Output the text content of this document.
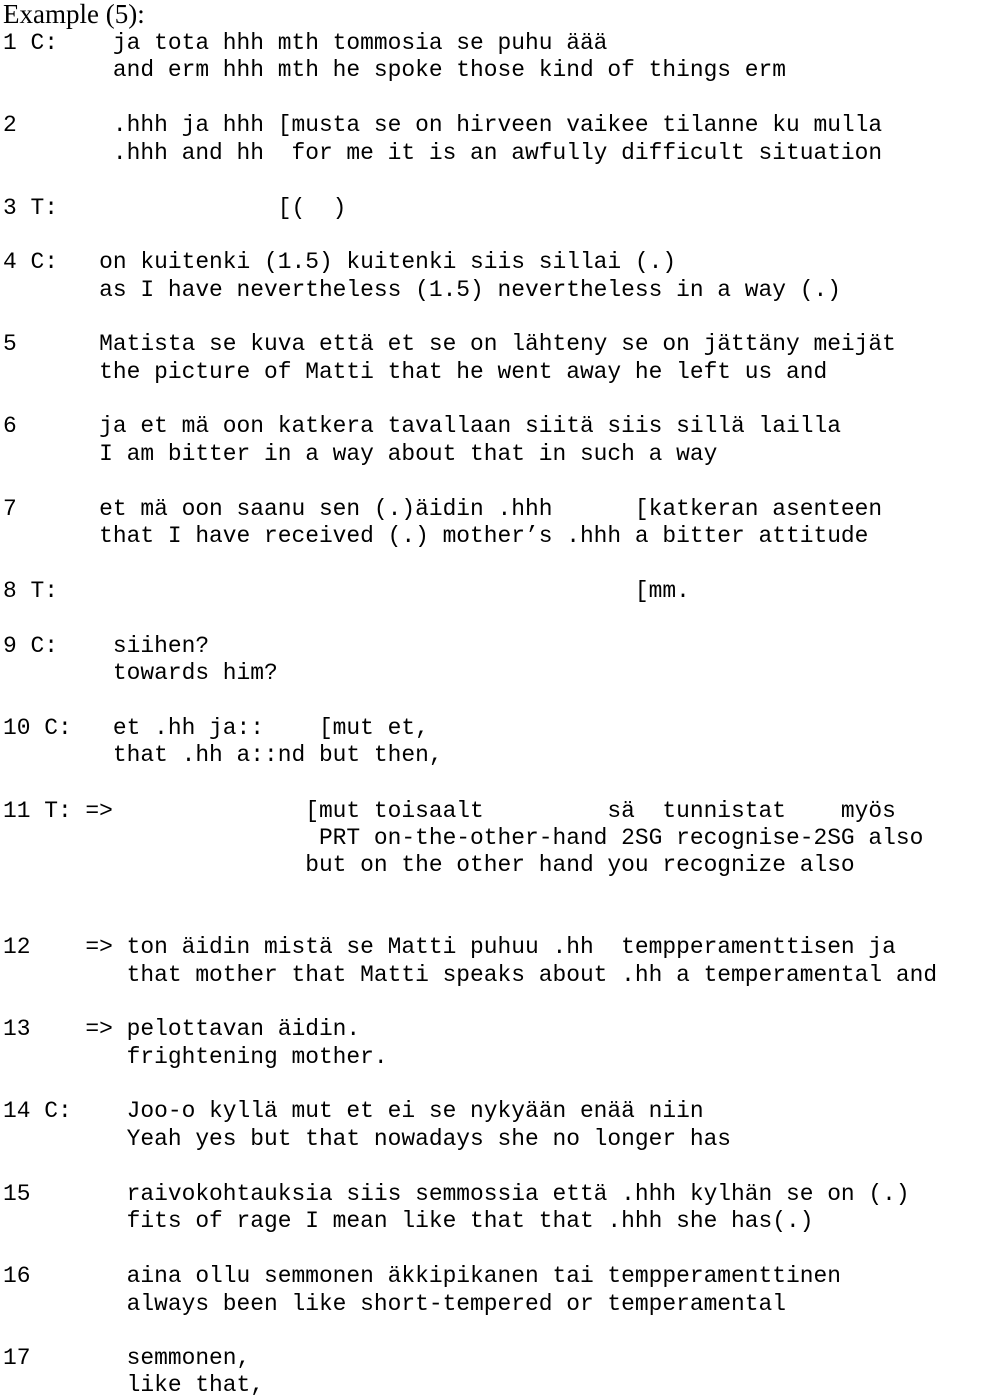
Example (5):
1 C:    ja tota hhh mth tommosia se puhu äää
and erm hhh mth he spoke those kind of things erm
2       .hhh ja hhh [musta se on hirveen vaikee tilanne ku mulla
.hhh and hh  for me it is an awfully difficult situation
3 T:                [(  )
4 C:   on kuitenki (1.5) kuitenki siis sillai (.)
as I have nevertheless (1.5) nevertheless in a way (.)
5      Matista se kuva että et se on lähteny se on jättäny meijät
the picture of Matti that he went away he left us and
6      ja et mä oon katkera tavallaan siitä siis sillä lailla
I am bitter in a way about that in such a way
7      et mä oon saanu sen (.)äidin .hhh      [katkeran asenteen
that I have received (.) mother’s .hhh a bitter attitude
8 T:                                          [mm.
9 C:    siihen?
towards him?
10 C:   et .hh ja::    [mut et,
that .hh a::nd but then,
11 T: =>              [mut toisaalt         sä  tunnistat    myös
PRT on-the-other-hand 2SG recognise-2SG also
but on the other hand you recognize also
12    => ton äidin mistä se Matti puhuu .hh  tempperamenttisen ja
that mother that Matti speaks about .hh a temperamental and
13    => pelottavan äidin.
frightening mother.
14 C:    Joo-o kyllä mut et ei se nykyään enää niin
Yeah yes but that nowadays she no longer has
15       raivokohtauksia siis semmossia että .hhh kylhän se on (.)
fits of rage I mean like that that .hhh she has(.)
16       aina ollu semmonen äkkipikanen tai tempperamenttinen
always been like short-tempered or temperamental
17       semmonen,
like that,
